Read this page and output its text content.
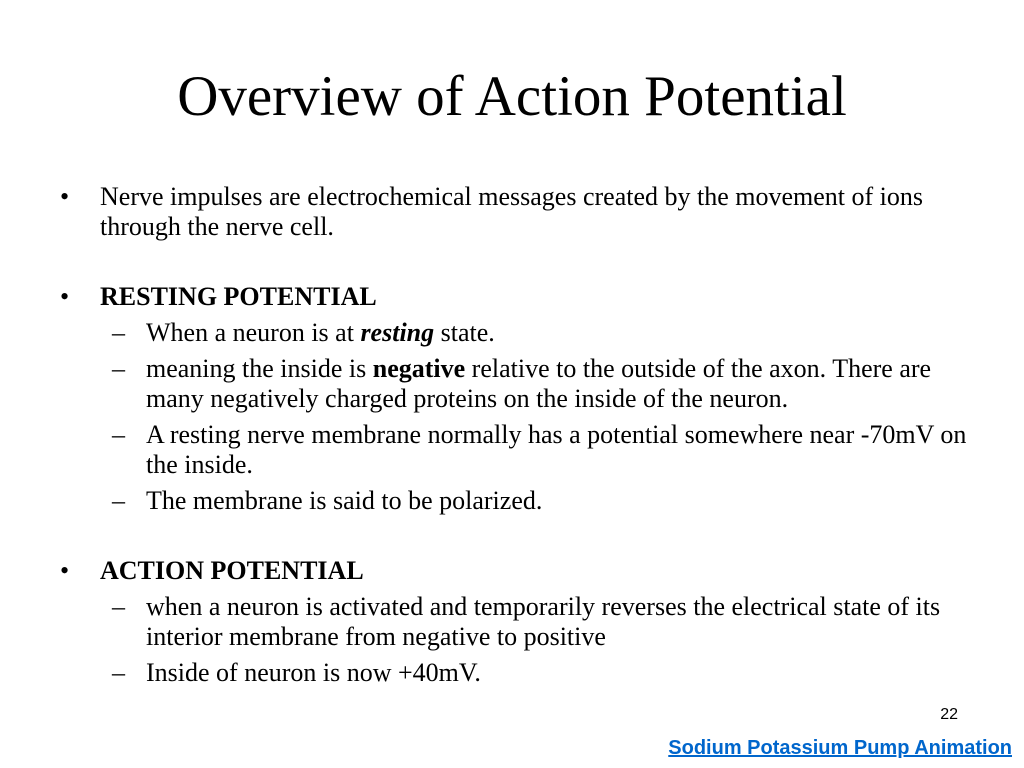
Overview of Action Potential

• Nerve impulses are electrochemical messages created by the movement of ions through the nerve cell.

• RESTING POTENTIAL

– When a neuron is at resting state.

– meaning the inside is negative relative to the outside of the axon. There are many negatively charged proteins on the inside of the neuron.

– A resting nerve membrane normally has a potential somewhere near -70mV on the inside.

– The membrane is said to be polarized.

• ACTION POTENTIAL

– when a neuron is activated and temporarily reverses the electrical state of its interior membrane from negative to positive

– Inside of neuron is now +40mV.

22
Sodium Potassium Pump Animation
